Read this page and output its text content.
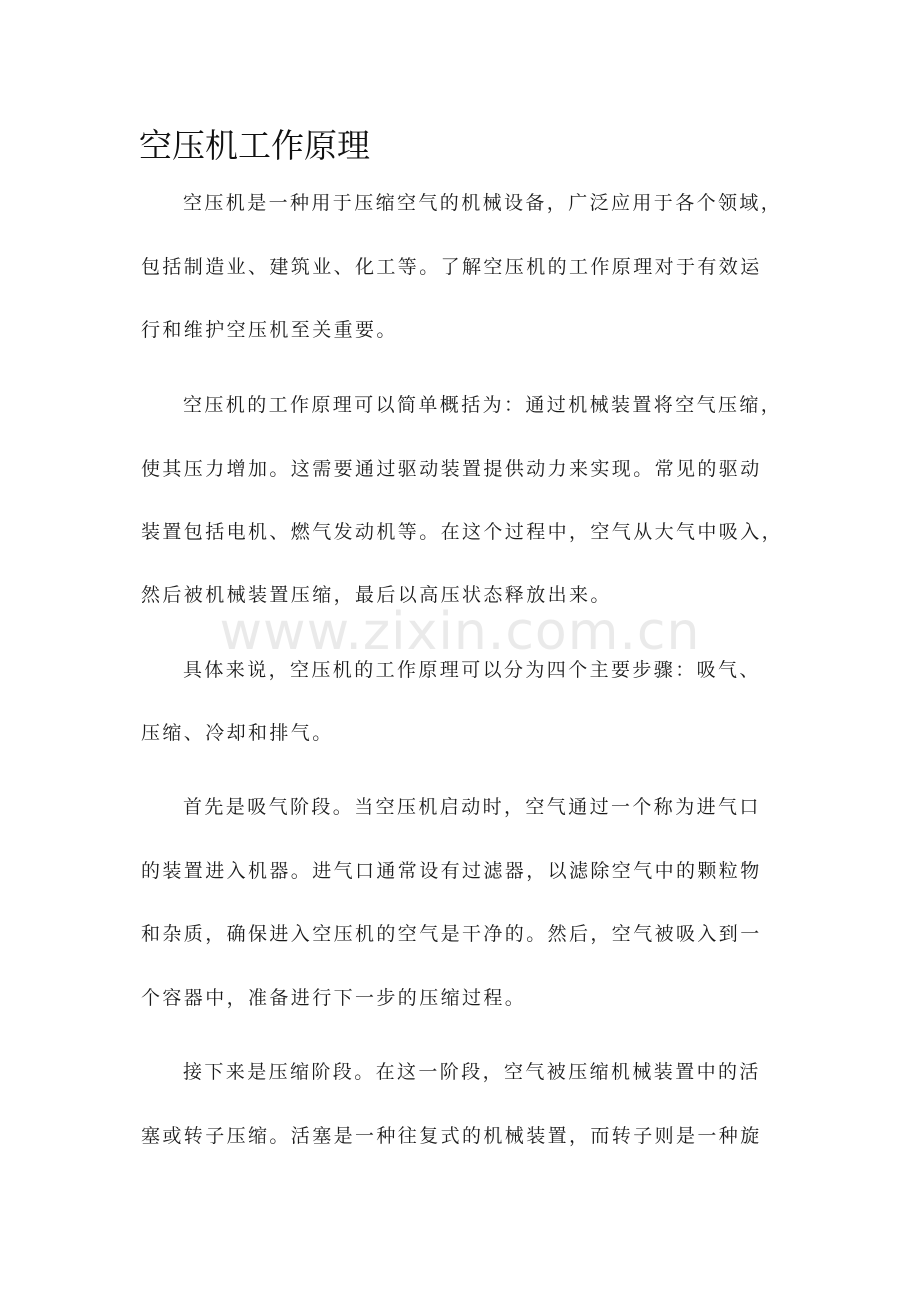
空压机工作原理
空压机是一种用于压缩空气的机械设备，广泛应用于各个领域，
包括制造业、建筑业、化工等。了解空压机的工作原理对于有效运
行和维护空压机至关重要。
空压机的工作原理可以简单概括为：通过机械装置将空气压缩，
使其压力增加。这需要通过驱动装置提供动力来实现。常见的驱动
装置包括电机、燃气发动机等。在这个过程中，空气从大气中吸入，
然后被机械装置压缩，最后以高压状态释放出来。
www.zixin.com.cn
具体来说，空压机的工作原理可以分为四个主要步骤：吸气、
压缩、冷却和排气。
首先是吸气阶段。当空压机启动时，空气通过一个称为进气口
的装置进入机器。进气口通常设有过滤器，以滤除空气中的颗粒物
和杂质，确保进入空压机的空气是干净的。然后，空气被吸入到一
个容器中，准备进行下一步的压缩过程。
接下来是压缩阶段。在这一阶段，空气被压缩机械装置中的活
塞或转子压缩。活塞是一种往复式的机械装置，而转子则是一种旋
